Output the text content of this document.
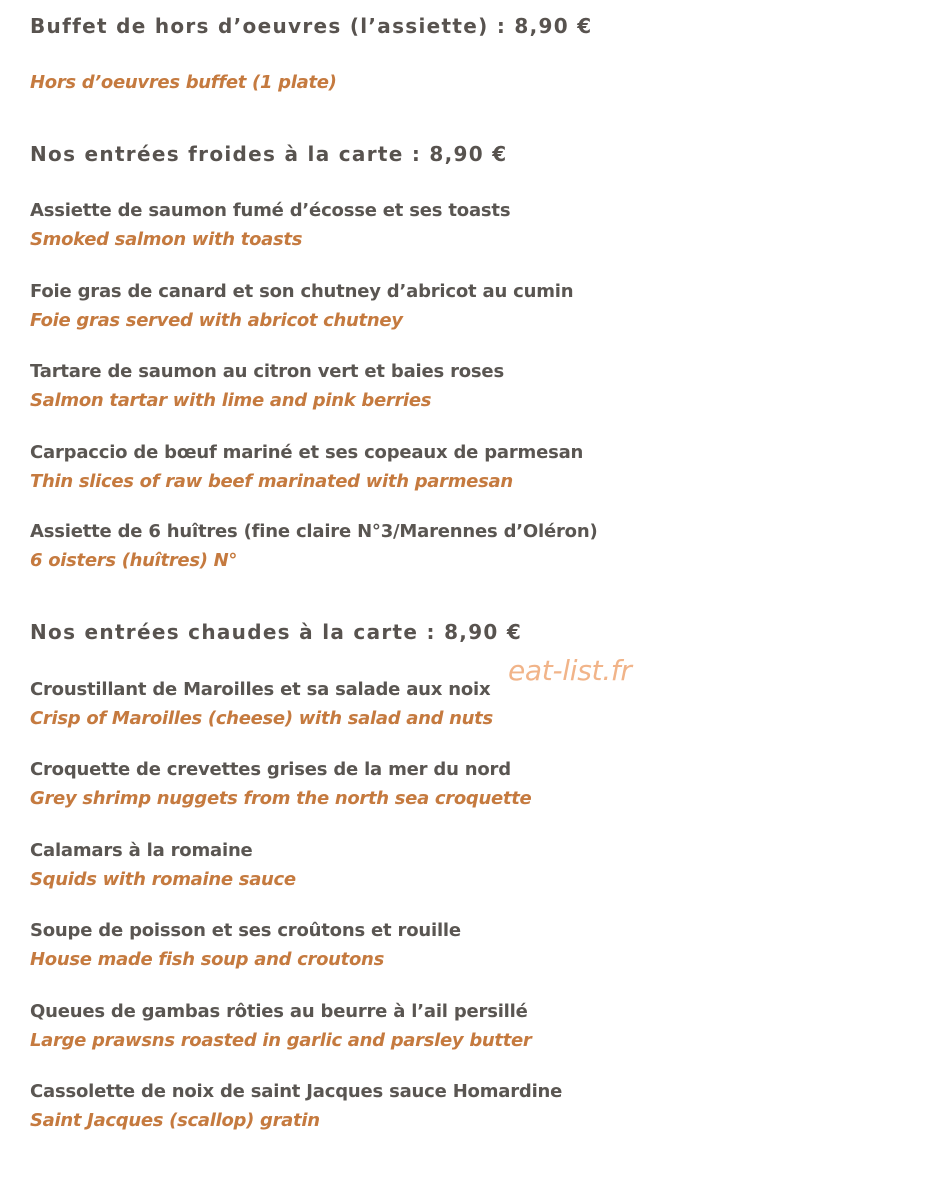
Buffet de hors d’oeuvres (l’assiette) : 8,90 €
Hors d’oeuvres buffet (1 plate)
Nos entrées froides à la carte : 8,90 €
Assiette de saumon fumé d’écosse et ses toasts
Smoked salmon with toasts
Foie gras de canard et son chutney d’abricot au cumin
Foie gras served with abricot chutney
Tartare de saumon au citron vert et baies roses
Salmon tartar with lime and pink berries
Carpaccio de bœuf mariné et ses copeaux de parmesan
Thin slices of raw beef marinated with parmesan
Assiette de 6 huîtres (fine claire N°3/Marennes d’Oléron)
6 oisters (huîtres) N°
Nos entrées chaudes à la carte : 8,90 €
Croustillant de Maroilles et sa salade aux noix
Crisp of Maroilles (cheese) with salad and nuts
Croquette de crevettes grises de la mer du nord
Grey shrimp nuggets from the north sea croquette
Calamars à la romaine
Squids with romaine sauce
Soupe de poisson et ses croûtons et rouille
House made fish soup and croutons
Queues de gambas rôties au beurre à l’ail persillé
Large prawsns roasted in garlic and parsley butter
Cassolette de noix de saint Jacques sauce Homardine
Saint Jacques (scallop) gratin
eat-list.fr
